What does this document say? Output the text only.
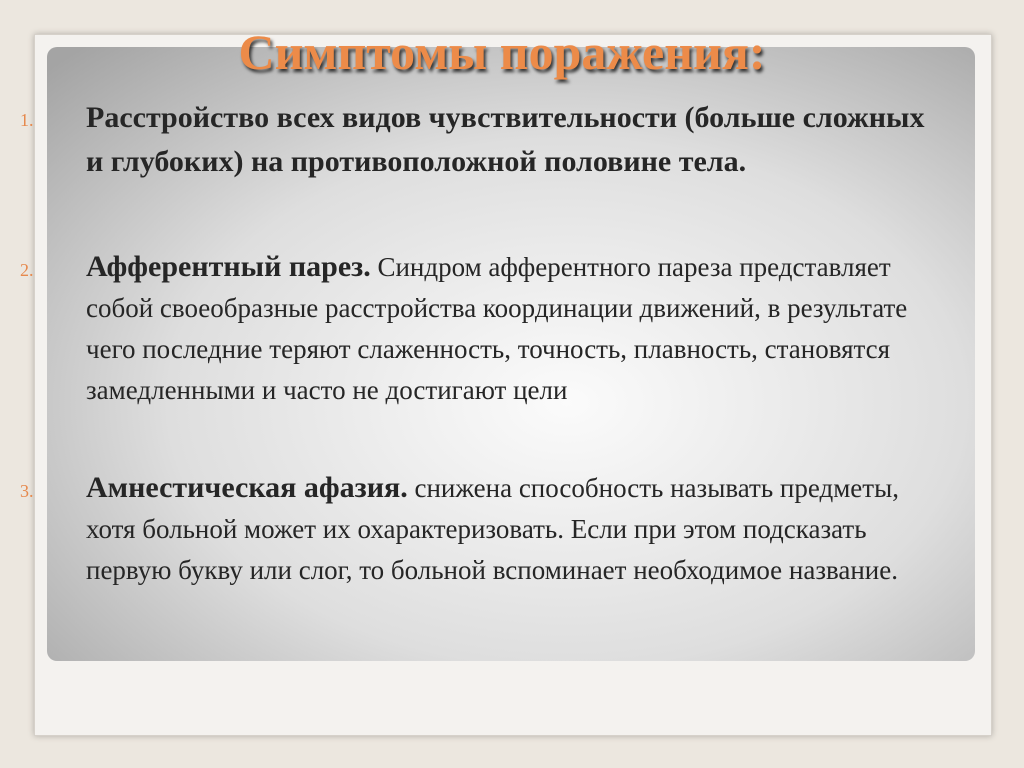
Симптомы поражения:
1. Расстройство всех видов чувствительности (больше сложных и глубоких) на противоположной половине тела.
2. Афферентный парез. Синдром афферентного пареза представляет собой своеобразные расстройства координации движений, в результате чего последние теряют слаженность, точность, плавность, становятся замедленными и часто не достигают цели
3. Амнестическая афазия. снижена способность называть предметы, хотя больной может их охарактеризовать. Если при этом подсказать первую букву или слог, то больной вспоминает необходимое название.
